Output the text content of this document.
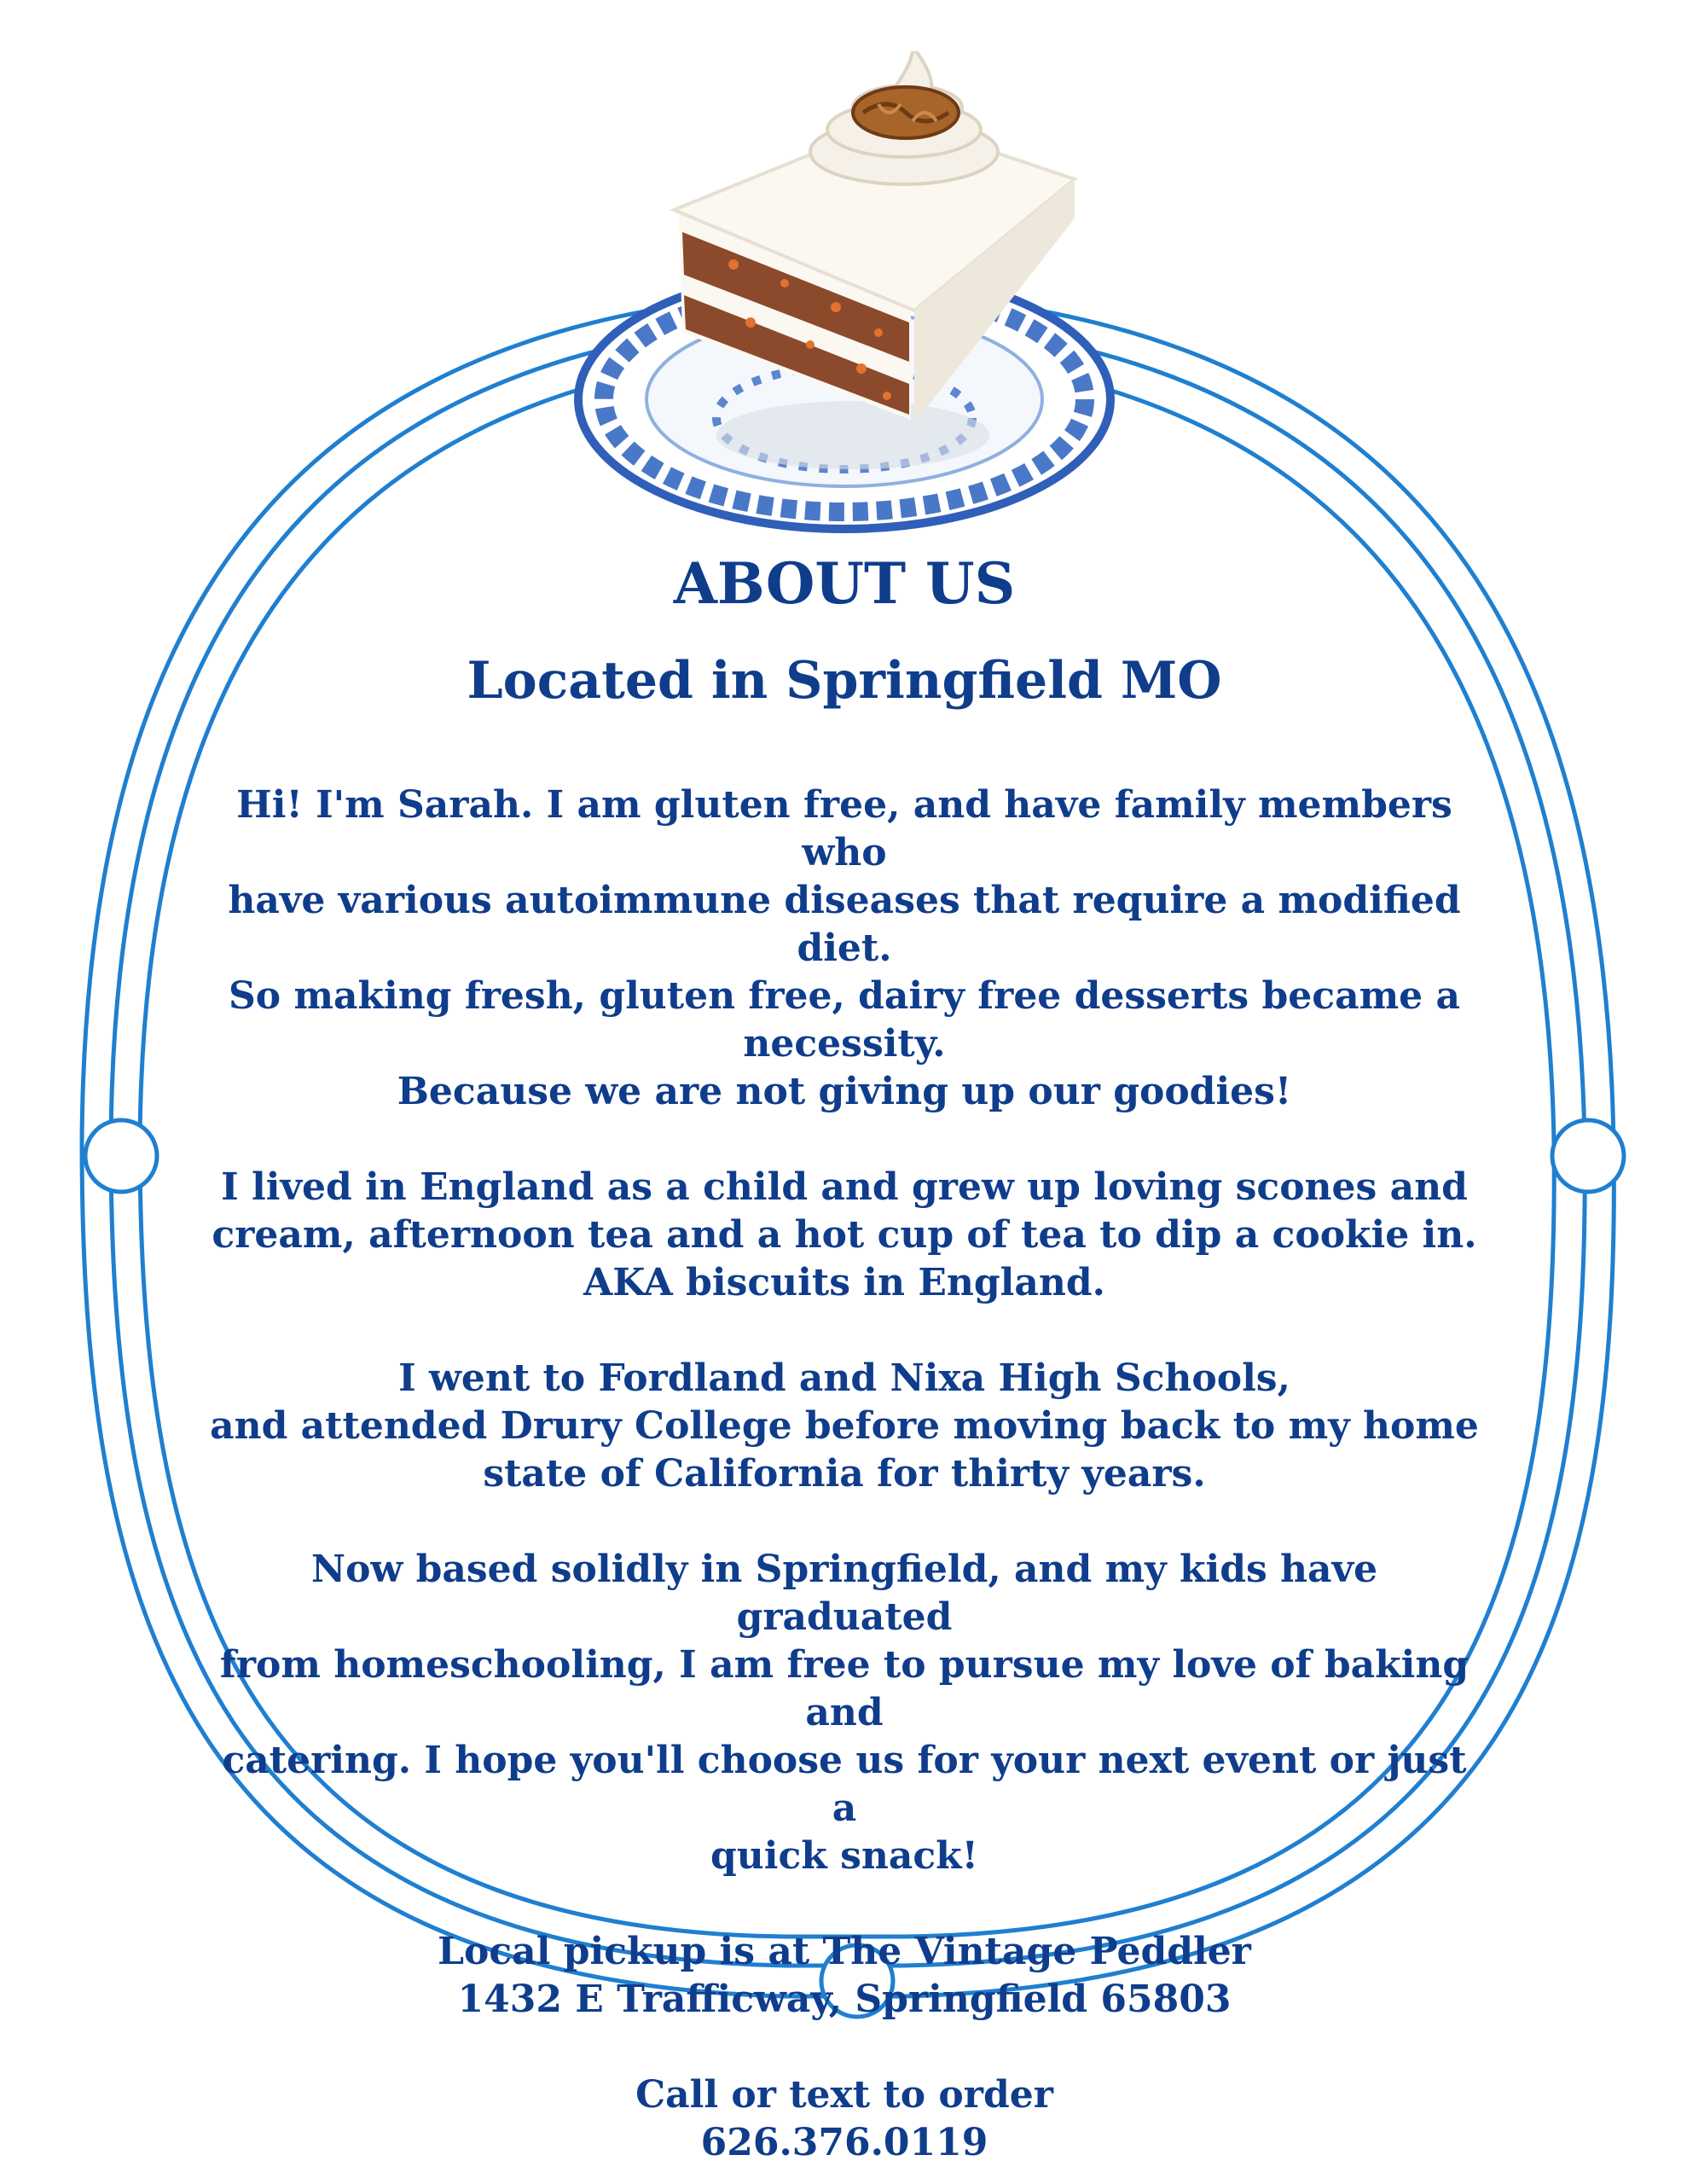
ABOUT US
Located in Springfield MO

Hi! I'm Sarah. I am gluten free, and have family members who
have various autoimmune diseases that require a modified diet.
So making fresh, gluten free, dairy free desserts became a
necessity.
Because we are not giving up our goodies!

I lived in England as a child and grew up loving scones and
cream, afternoon tea and a hot cup of tea to dip a cookie in.
AKA biscuits in England.

I went to Fordland and Nixa High Schools,
and attended Drury College before moving back to my home
state of California for thirty years.

Now based solidly in Springfield, and my kids have graduated
from homeschooling, I am free to pursue my love of baking and
catering. I hope you'll choose us for your next event or just a
quick snack!

Local pickup is at The Vintage Peddler
1432 E Trafficway, Springfield 65803

Call or text to order
626.376.0119
